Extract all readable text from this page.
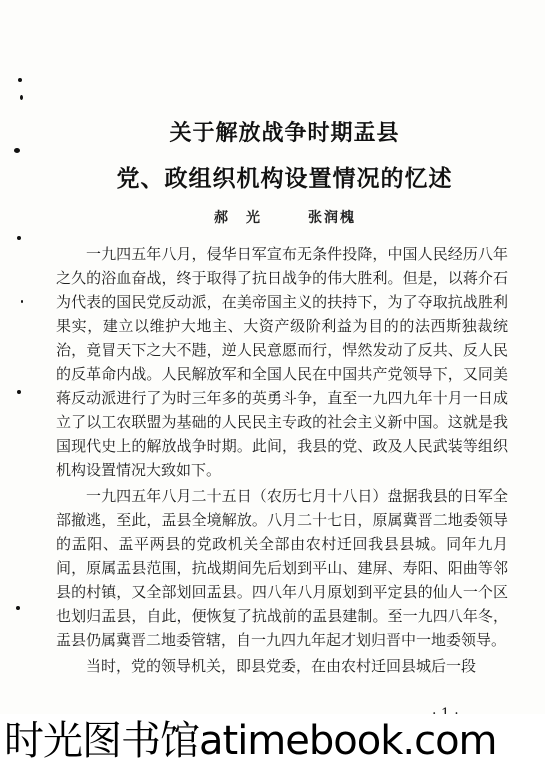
关于解放战争时期盂县
党、政组织机构设置情况的忆述
郝　光	张润槐

一九四五年八月，侵华日军宣布无条件投降，中国人民经历八年之久的浴血奋战，终于取得了抗日战争的伟大胜利。但是，以蒋介石为代表的国民党反动派，在美帝国主义的扶持下，为了夺取抗战胜利果实，建立以维护大地主、大资产级阶利益为目的的法西斯独裁统治，竟冒天下之大不韪，逆人民意愿而行，悍然发动了反共、反人民的反革命内战。人民解放军和全国人民在中国共产党领导下，又同美蒋反动派进行了为时三年多的英勇斗争，直至一九四九年十月一日成立了以工农联盟为基础的人民民主专政的社会主义新中国。这就是我国现代史上的解放战争时期。此间，我县的党、政及人民武装等组织机构设置情况大致如下。

一九四五年八月二十五日（农历七月十八日）盘据我县的日军全部撤逃，至此，盂县全境解放。八月二十七日，原属冀晋二地委领导的盂阳、盂平两县的党政机关全部由农村迁回我县县城。同年九月间，原属盂县范围，抗战期间先后划到平山、建屏、寿阳、阳曲等邻县的村镇，又全部划回盂县。四八年八月原划到平定县的仙人一个区也划归盂县，自此，便恢复了抗战前的盂县建制。至一九四八年冬，盂县仍属冀晋二地委管辖，自一九四九年起才划归晋中一地委领导。

当时，党的领导机关，即县党委，在由农村迁回县城后一段

时光图书馆atimebook.com
